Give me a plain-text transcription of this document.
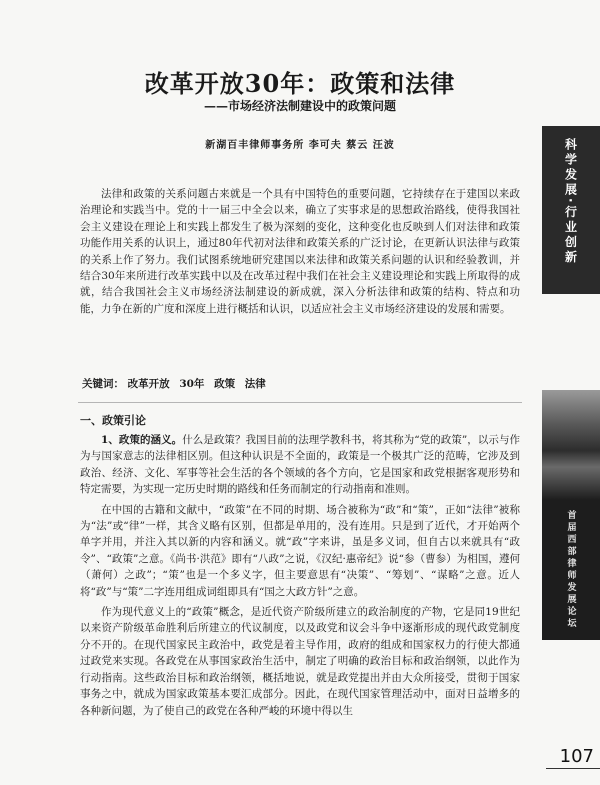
改革开放30年：政策和法律
——市场经济法制建设中的政策问题
新湖百丰律师事务所 李可夫 蔡云 汪波

法律和政策的关系问题古来就是一个具有中国特色的重要问题，它持续存在于建国以来政治理论和实践当中。党的十一届三中全会以来，确立了实事求是的思想政治路线，使得我国社会主义建设在理论上和实践上都发生了极为深刻的变化，这种变化也反映到人们对法律和政策功能作用关系的认识上，通过80年代初对法律和政策关系的广泛讨论，在更新认识法律与政策的关系上作了努力。我们试图系统地研究建国以来法律和政策关系问题的认识和经验教训，并结合30年来所进行改革实践中以及在改革过程中我们在社会主义建设理论和实践上所取得的成就，结合我国社会主义市场经济法制建设的新成就，深入分析法律和政策的结构、特点和功能，力争在新的广度和深度上进行概括和认识，以适应社会主义市场经济建设的发展和需要。

关键词： 改革开放 30年 政策 法律
一、政策引论

1、政策的涵义。什么是政策？我国目前的法理学教科书，将其称为“党的政策”，以示与作为与国家意志的法律相区别。但这种认识是不全面的，政策是一个极其广泛的范畴，它涉及到政治、经济、文化、军事等社会生活的各个领域的各个方向，它是国家和政党根据客观形势和特定需要，为实现一定历史时期的路线和任务而制定的行动指南和准则。

在中国的古籍和文献中，“政策”在不同的时期、场合被称为“政”和“策”，正如“法律”被称为“法”或“律”一样，其含义略有区别，但都是单用的，没有连用。只是到了近代，才开始两个单字并用，并注入其以新的内容和涵义。就“政”字来讲，虽是多义词，但自古以来就具有“政令”、“政策”之意。《尚书·洪范》即有“八政”之说，《汉纪·惠帝纪》说“参（曹参）为相国，遵何（萧何）之政”；“策”也是一个多义字，但主要意思有“决策”、“筹划”、“谋略”之意。近人将“政”与“策”二字连用组成词组即具有“国之大政方针”之意。

作为现代意义上的“政策”概念，是近代资产阶级所建立的政治制度的产物，它是同19世纪以来资产阶级革命胜利后所建立的代议制度，以及政党和议会斗争中逐渐形成的现代政党制度分不开的。在现代国家民主政治中，政党是着主导作用，政府的组成和国家权力的行使大都通过政党来实现。各政党在从事国家政治生活中，制定了明确的政治目标和政治纲领，以此作为行动指南。这些政治目标和政治纲领，概括地说，就是政党提出并由大众所接受，贯彻于国家事务之中，就成为国家政策基本要汇成部分。因此，在现代国家管理活动中，面对日益增多的各种新问题，为了使自己的政党在各种严峻的环境中得以生

科学发展·行业创新
首届西部律师发展论坛
107
